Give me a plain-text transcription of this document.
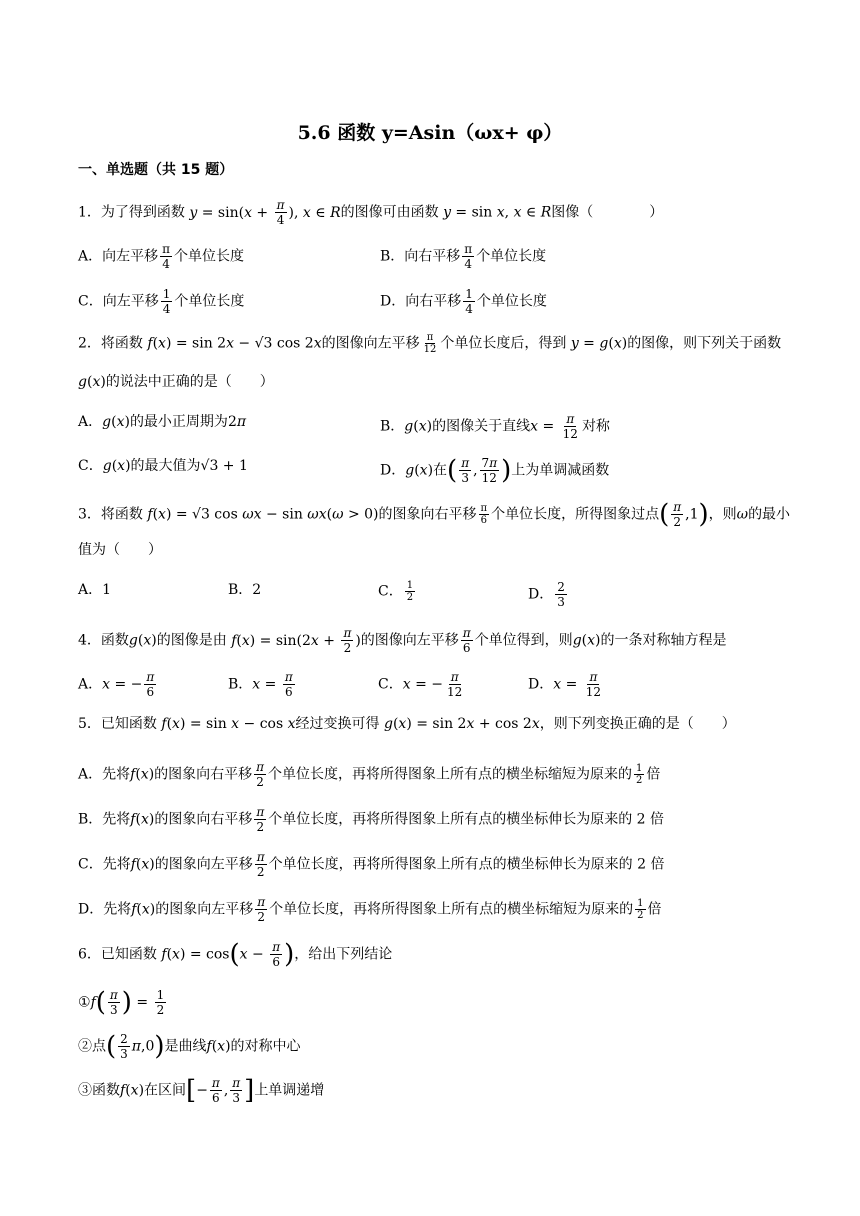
5.6 函数 y=Asin（ωx+ φ）
一、单选题（共 15 题）
1．为了得到函数 $y = \sin(x + \frac{\pi}{4}$ ), x ∈ R的图像可由函数 y = sin x, x ∈ R图像（　　　　）
A．向左平移 $\frac{\pi}{4}$ 个单位长度	B．向右平移 $\frac{\pi}{4}$ 个单位长度
C．向左平移 $\frac{1}{4}$ 个单位长度	D．向右平移 $\frac{1}{4}$ 个单位长度
2．将函数 f(x) = sin 2x − √3 cos 2x的图像向左平移 $\frac{\pi}{12}$ 个单位长度后，得到 y = g(x)的图像，则下列关于函数
g(x)的说法中正确的是（　　）
A．g(x)的最小正周期为2π	B．g(x)的图像关于直线$x = \frac{\pi}{12}$ 对称
C．g(x)的最大值为√3 + 1	D．g(x)在( $\frac{\pi}{3}$ , $\frac{7\pi}{12}$ )上为单调减函数
3．将函数 f(x) = √3 cos ωx − sin ωx(ω > 0)的图象向右平移 $\frac{\pi}{6}$ 个单位长度，所得图象过点( $\frac{\pi}{2} ,1$)，则ω的最小
值为（　　）
A．1	B．2	C． $\frac{1}{2}$	D． $\frac{2}{3}$
4．函数g(x)的图像是由 $f(x) = \sin(2x + \frac{\pi}{2}$ )的图像向左平移 $\frac{\pi}{6}$ 个单位得到，则g(x)的一条对称轴方程是
A．x = − $\frac{\pi}{6}$	B．$x = \frac{\pi}{6}$	C．x = − $\frac{\pi}{12}$	D．$x = \frac{\pi}{12}$
5．已知函数 f(x) = sin x − cos x经过变换可得 g(x) = sin 2x + cos 2x，则下列变换正确的是（　　）
A．先将f(x)的图象向右平移 $\frac{\pi}{2}$ 个单位长度，再将所得图象上所有点的横坐标缩短为原来的 $\frac{1}{2}$ 倍
B．先将f(x)的图象向右平移 $\frac{\pi}{2}$ 个单位长度，再将所得图象上所有点的横坐标伸长为原来的 2 倍
C．先将f(x)的图象向左平移 $\frac{\pi}{2}$ 个单位长度，再将所得图象上所有点的横坐标伸长为原来的 2 倍
D．先将f(x)的图象向左平移 $\frac{\pi}{2}$ 个单位长度，再将所得图象上所有点的横坐标缩短为原来的 $\frac{1}{2}$ 倍
6．已知函数 $f(x) = \cos(x - \frac{\pi}{6}$ )，给出下列结论
①f( $\frac{\pi}{3}$ ) = $\frac{1}{2}$
②点( $\frac{2}{3} \pi,0$)是曲线f(x)的对称中心
③函数f(x)在区间[− $\frac{\pi}{6}$ , $\frac{\pi}{3}$ ]上单调递增
